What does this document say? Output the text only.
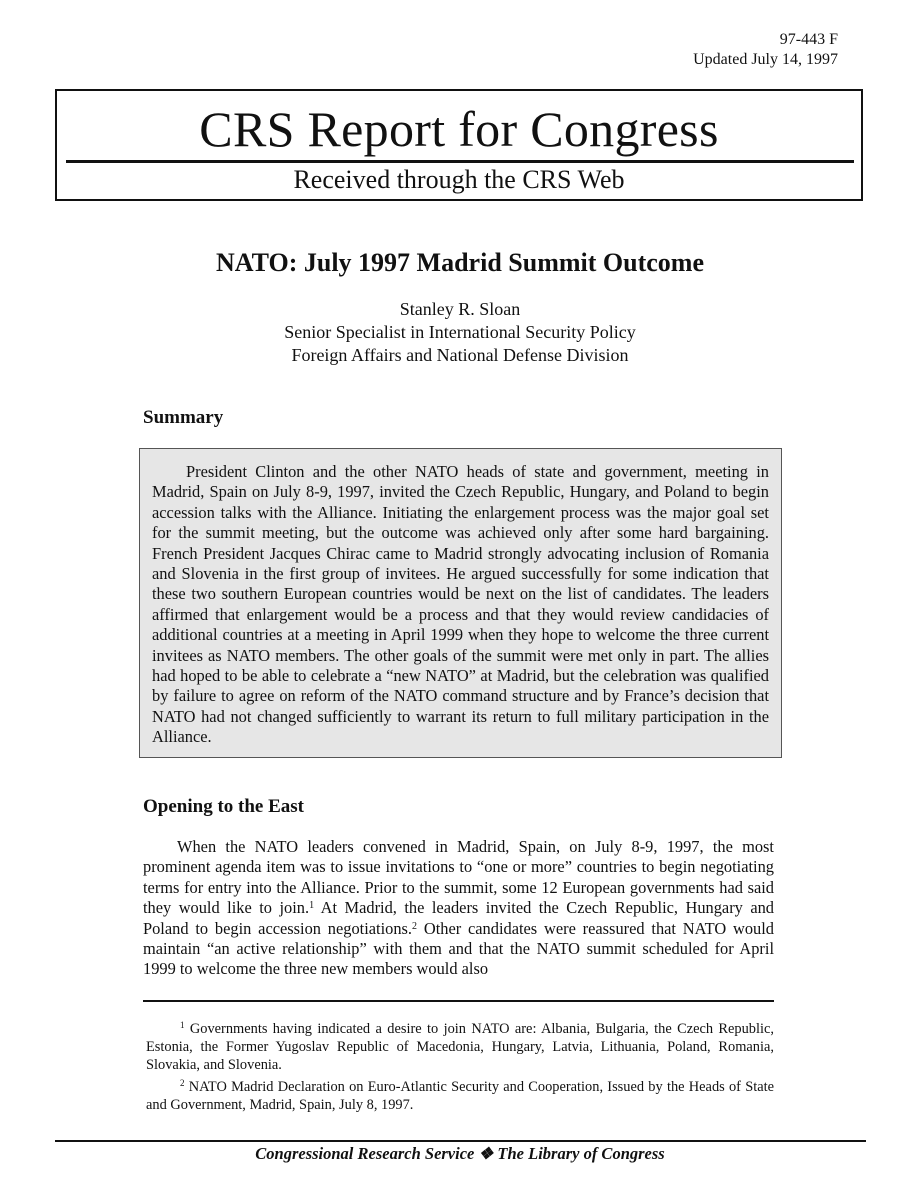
97-443 F
Updated July 14, 1997
CRS Report for Congress
Received through the CRS Web
NATO: July 1997 Madrid Summit Outcome
Stanley R. Sloan
Senior Specialist in International Security Policy
Foreign Affairs and National Defense Division
Summary

President Clinton and the other NATO heads of state and government, meeting in Madrid, Spain on July 8-9, 1997, invited the Czech Republic, Hungary, and Poland to begin accession talks with the Alliance. Initiating the enlargement process was the major goal set for the summit meeting, but the outcome was achieved only after some hard bargaining. French President Jacques Chirac came to Madrid strongly advocating inclusion of Romania and Slovenia in the first group of invitees. He argued successfully for some indication that these two southern European countries would be next on the list of candidates. The leaders affirmed that enlargement would be a process and that they would review candidacies of additional countries at a meeting in April 1999 when they hope to welcome the three current invitees as NATO members. The other goals of the summit were met only in part. The allies had hoped to be able to celebrate a “new NATO” at Madrid, but the celebration was qualified by failure to agree on reform of the NATO command structure and by France’s decision that NATO had not changed sufficiently to warrant its return to full military participation in the Alliance.

Opening to the East

When the NATO leaders convened in Madrid, Spain, on July 8-9, 1997, the most prominent agenda item was to issue invitations to “one or more” countries to begin negotiating terms for entry into the Alliance. Prior to the summit, some 12 European governments had said they would like to join.$^1$ At Madrid, the leaders invited the Czech Republic, Hungary and Poland to begin accession negotiations.$^2$ Other candidates were reassured that NATO would maintain “an active relationship” with them and that the NATO summit scheduled for April 1999 to welcome the three new members would also

$^1$ Governments having indicated a desire to join NATO are: Albania, Bulgaria, the Czech Republic, Estonia, the Former Yugoslav Republic of Macedonia, Hungary, Latvia, Lithuania, Poland, Romania, Slovakia, and Slovenia.

$^2$ NATO Madrid Declaration on Euro-Atlantic Security and Cooperation, Issued by the Heads of State and Government, Madrid, Spain, July 8, 1997.

Congressional Research Service ❖ The Library of Congress
